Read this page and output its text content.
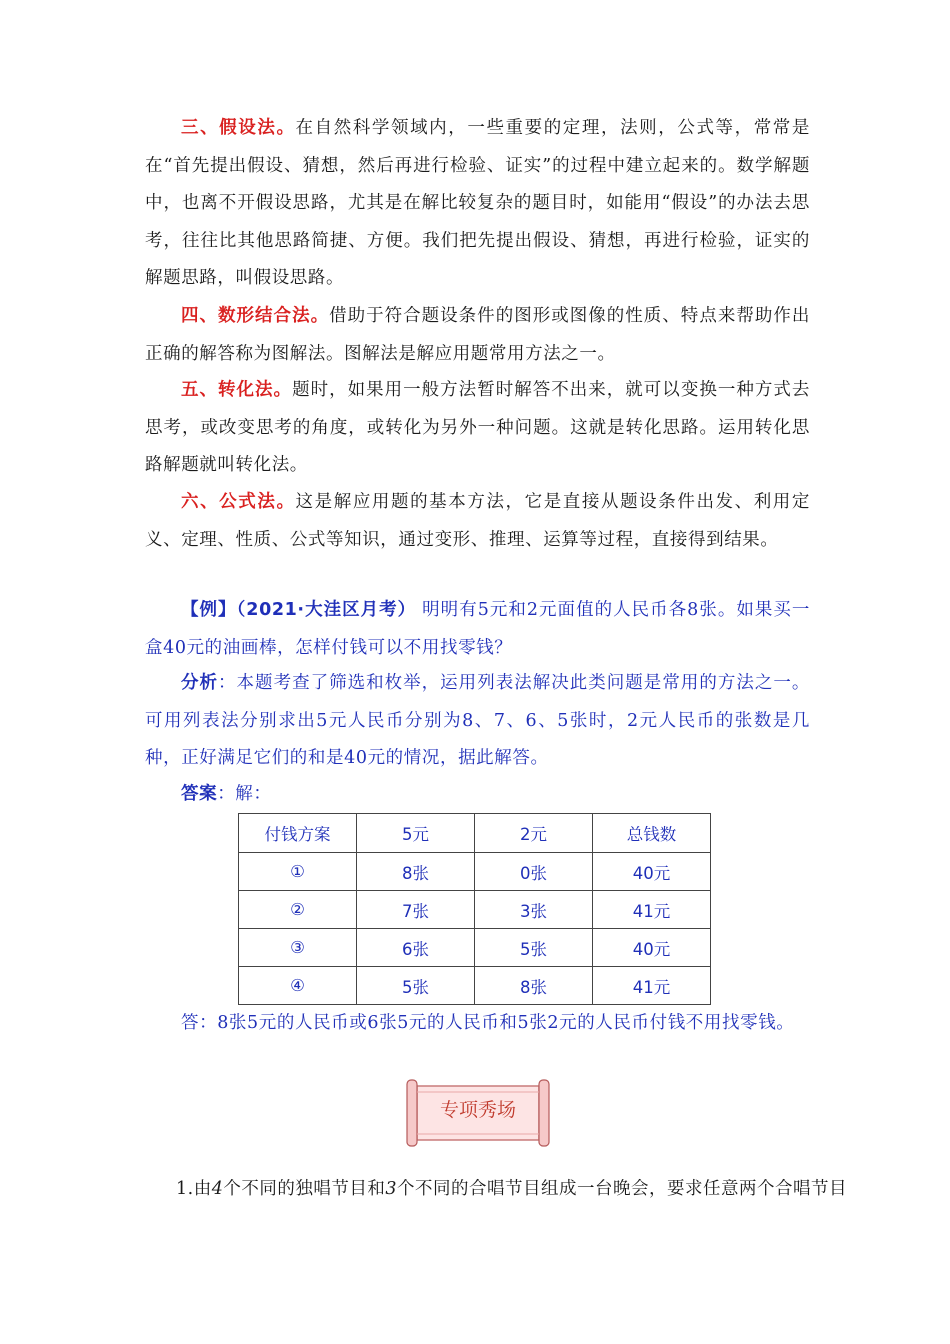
三、假设法。在自然科学领域内，一些重要的定理，法则，公式等，常常是在“首先提出假设、猜想，然后再进行检验、证实”的过程中建立起来的。数学解题中，也离不开假设思路，尤其是在解比较复杂的题目时，如能用“假设”的办法去思考，往往比其他思路简捷、方便。我们把先提出假设、猜想，再进行检验，证实的解题思路，叫假设思路。

四、数形结合法。借助于符合题设条件的图形或图像的性质、特点来帮助作出正确的解答称为图解法。图解法是解应用题常用方法之一。

五、转化法。题时，如果用一般方法暂时解答不出来，就可以变换一种方式去思考，或改变思考的角度，或转化为另外一种问题。这就是转化思路。运用转化思路解题就叫转化法。

六、公式法。这是解应用题的基本方法，它是直接从题设条件出发、利用定义、定理、性质、公式等知识，通过变形、推理、运算等过程，直接得到结果。

【例】（2021·大洼区月考） 明明有5元和2元面值的人民币各8张。如果买一盒40元的油画棒，怎样付钱可以不用找零钱？

分析：本题考查了筛选和枚举，运用列表法解决此类问题是常用的方法之一。可用列表法分别求出5元人民币分别为8、7、6、5张时，2元人民币的张数是几种，正好满足它们的和是40元的情况，据此解答。

答案：解：

付钱方案	5元	2元	总钱数
①	8张	0张	40元
②	7张	3张	41元
③	6张	5张	40元
④	5张	8张	41元

答：8张5元的人民币或6张5元的人民币和5张2元的人民币付钱不用找零钱。

专项秀场
1.由4个不同的独唱节目和3个不同的合唱节目组成一台晚会，要求任意两个合唱节目
